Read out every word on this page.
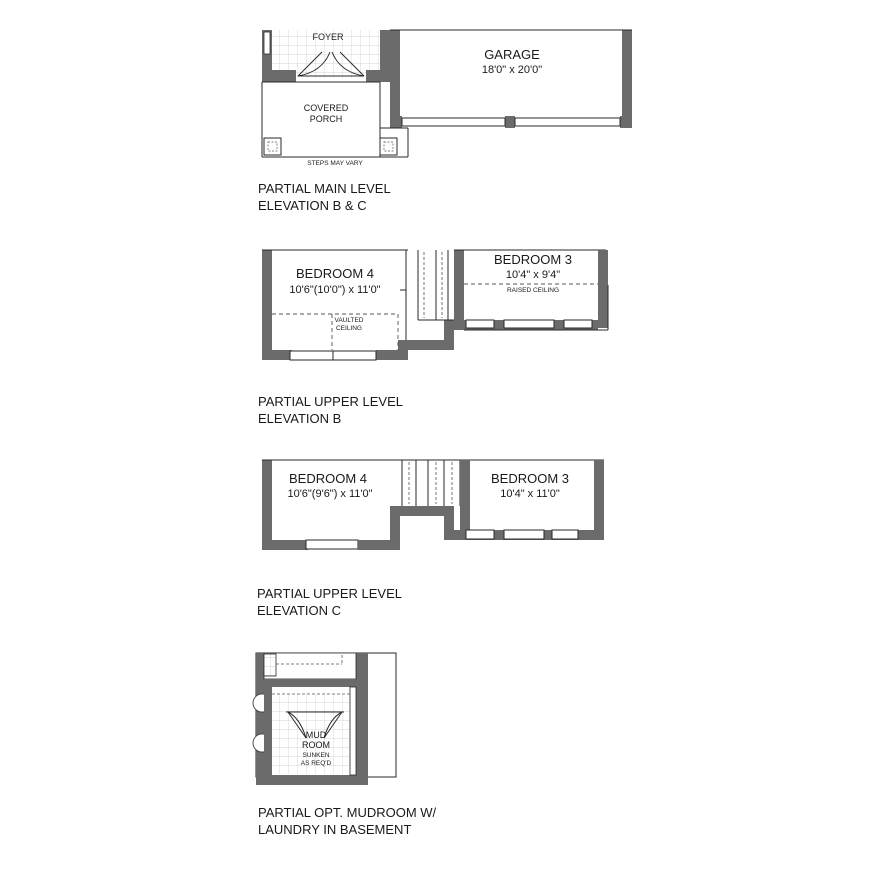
FOYER
GARAGE
18'0" x 20'0"
COVERED
PORCH
STEPS MAY VARY
BEDROOM 4
10'6"(10'0") x 11'0"
VAULTED
CEILING
BEDROOM 3
10'4" x 9'4"
RAISED CEILING
BEDROOM 4
10'6"(9'6") x 11'0"
BEDROOM 3
10'4" x 11'0"
MUD
ROOM
SUNKEN
AS REQ'D
PARTIAL MAIN LEVEL
ELEVATION B & C
PARTIAL UPPER LEVEL
ELEVATION B
PARTIAL UPPER LEVEL
ELEVATION C
PARTIAL OPT. MUDROOM W/
LAUNDRY IN BASEMENT
